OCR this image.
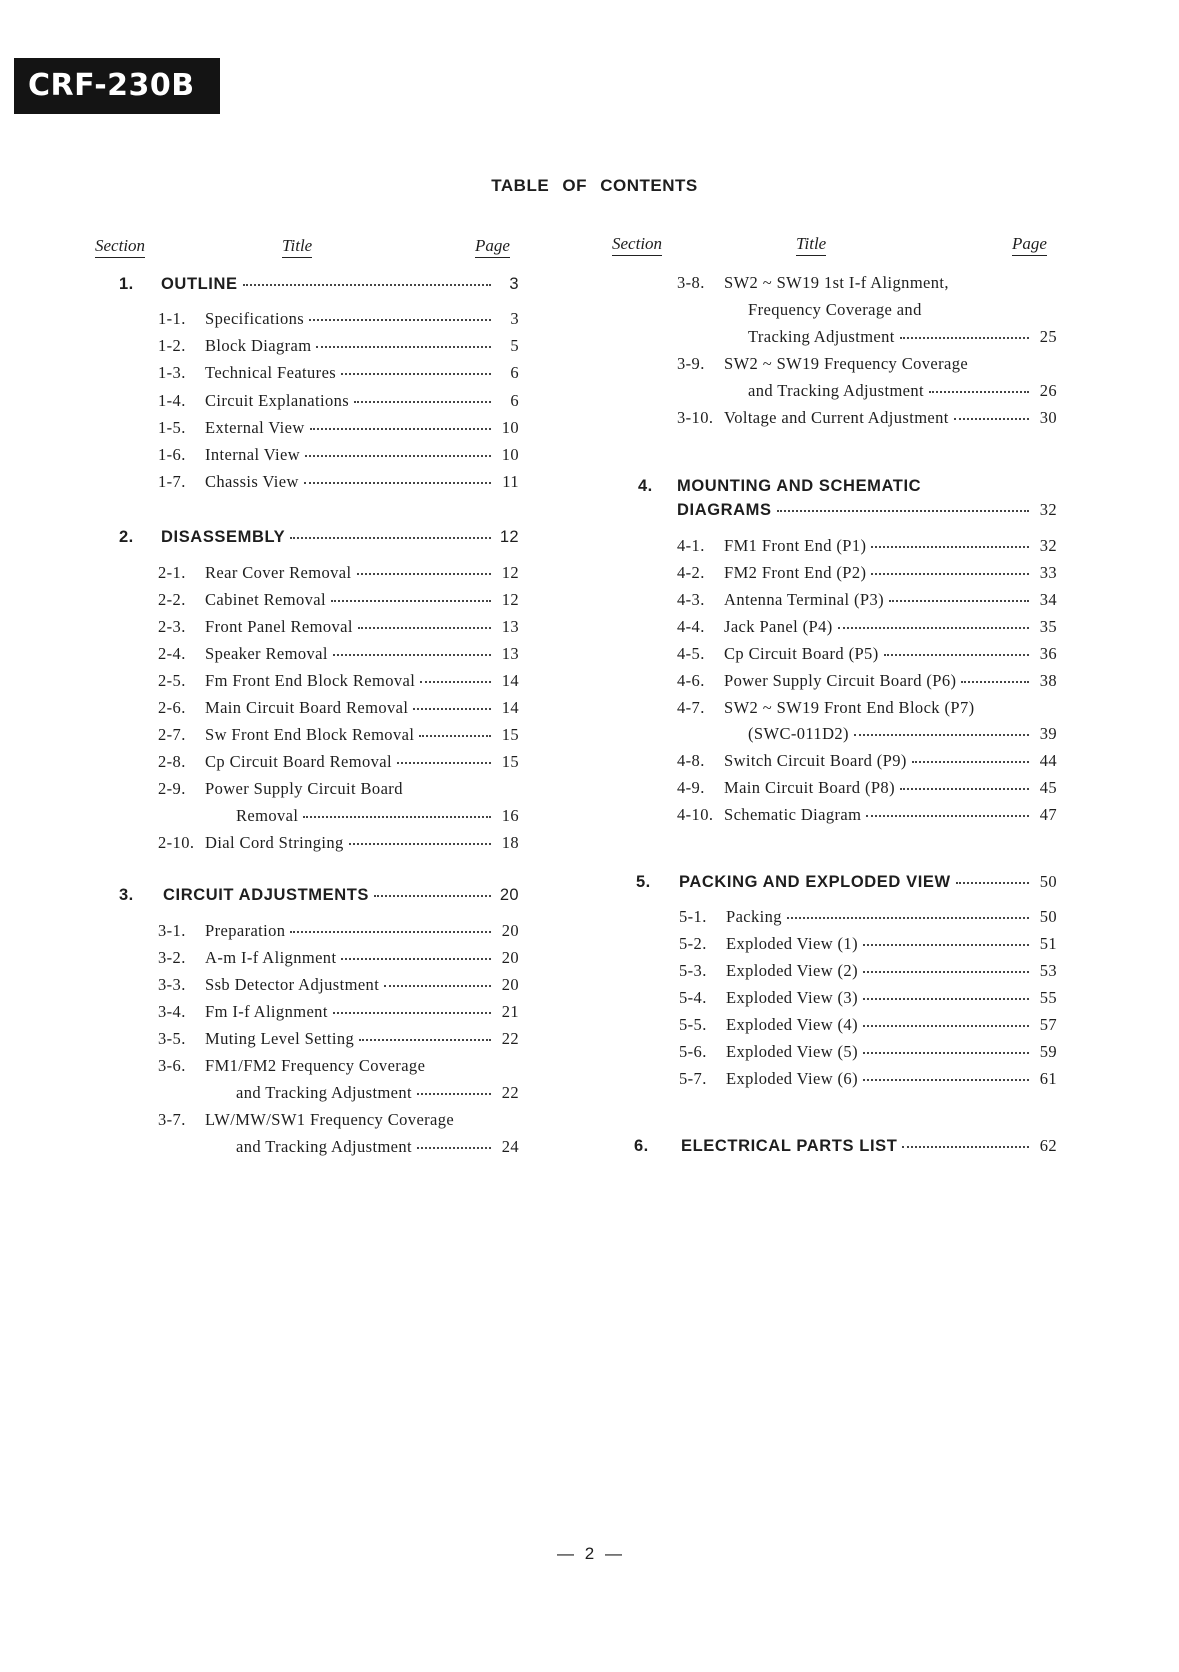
CRF-230B
TABLE OF CONTENTS
Section	Title	Page
1.	OUTLINE	3
1-1.	Specifications	3
1-2.	Block Diagram	5
1-3.	Technical Features	6
1-4.	Circuit Explanations	6
1-5.	External View	10
1-6.	Internal View	10
1-7.	Chassis View	11
2.	DISASSEMBLY	12
2-1.	Rear Cover Removal	12
2-2.	Cabinet Removal	12
2-3.	Front Panel Removal	13
2-4.	Speaker Removal	13
2-5.	Fm Front End Block Removal	14
2-6.	Main Circuit Board Removal	14
2-7.	Sw Front End Block Removal	15
2-8.	Cp Circuit Board Removal	15
2-9. Power Supply Circuit Board
Removal	16
2-10. Dial Cord Stringing	18
3.	CIRCUIT ADJUSTMENTS	20
3-1.	Preparation	20
3-2.	A-m I-f Alignment	20
3-3.	Ssb Detector Adjustment	20
3-4.	Fm I-f Alignment	21
3-5.	Muting Level Setting	22
3-6. FM1/FM2 Frequency Coverage
and Tracking Adjustment	22
3-7. LW/MW/SW1 Frequency Coverage
and Tracking Adjustment	24
Section	Title	Page
3-8. SW2 ~ SW19 1st I-f Alignment,
Frequency Coverage and
Tracking Adjustment	25
3-9. SW2 ~ SW19 Frequency Coverage
and Tracking Adjustment	26
3-10. Voltage and Current Adjustment	30
4. MOUNTING AND SCHEMATIC
DIAGRAMS	32
4-1.	FM1 Front End (P1)	32
4-2.	FM2 Front End (P2)	33
4-3.	Antenna Terminal (P3)	34
4-4.	Jack Panel (P4)	35
4-5.	Cp Circuit Board (P5)	36
4-6.	Power Supply Circuit Board (P6)	38
4-7. SW2 ~ SW19 Front End Block (P7)
(SWC-011D2)	39
4-8.	Switch Circuit Board (P9)	44
4-9.	Main Circuit Board (P8)	45
4-10. Schematic Diagram	47
5.	PACKING AND EXPLODED VIEW	50
5-1.	Packing	50
5-2.	Exploded View (1)	51
5-3.	Exploded View (2)	53
5-4.	Exploded View (3)	55
5-5.	Exploded View (4)	57
5-6.	Exploded View (5)	59
5-7.	Exploded View (6)	61
6.	ELECTRICAL PARTS LIST	62
— 2 —
